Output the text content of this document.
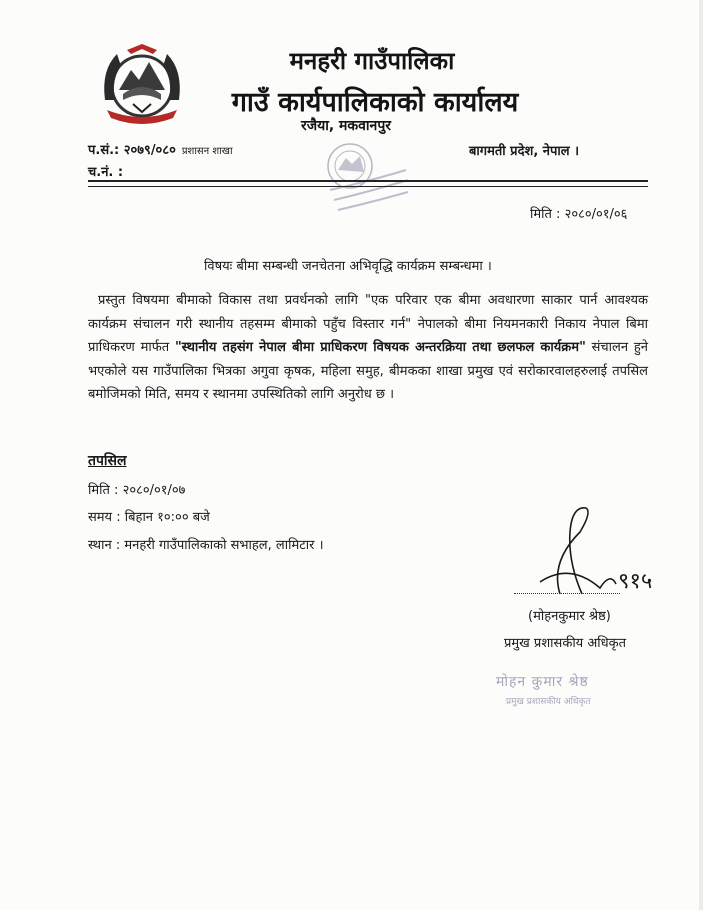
मनहरी गाउँपालिका
गाउँ कार्यपालिकाको कार्यालय
रजैया, मकवानपुर
प.सं.: २०७९/०८० प्रशासन शाखा
च.नं. :
बागमती प्रदेश, नेपाल ।
मिति : २०८०/०१/०६
विषयः बीमा सम्बन्धी जनचेतना अभिवृद्धि कार्यक्रम सम्बन्धमा ।
प्रस्तुत विषयमा बीमाको विकास तथा प्रवर्धनको लागि "एक परिवार एक बीमा अवधारणा साकार पार्न आवश्यक कार्यक्रम संचालन गरी स्थानीय तहसम्म बीमाको पहुँच विस्तार गर्न" नेपालको बीमा नियमनकारी निकाय नेपाल बिमा प्राधिकरण मार्फत "स्थानीय तहसंग नेपाल बीमा प्राधिकरण विषयक अन्तरक्रिया तथा छलफल कार्यक्रम" संचालन हुने भएकोले यस गाउँपालिका भित्रका अगुवा कृषक, महिला समुह, बीमकका शाखा प्रमुख एवं सरोकारवालहरुलाई तपसिल बमोजिमको मिति, समय र स्थानमा उपस्थितिको लागि अनुरोध छ ।
तपसिल
मिति : २०८०/०१/०७
समय : बिहान १०:०० बजे
स्थान : मनहरी गाउँपालिकाको सभाहल, लामिटार ।
९१५
(मोहनकुमार श्रेष्ठ)
प्रमुख प्रशासकीय अधिकृत
मोहन कुमार श्रेष्ठ
प्रमुख प्रशासकीय अधिकृत
